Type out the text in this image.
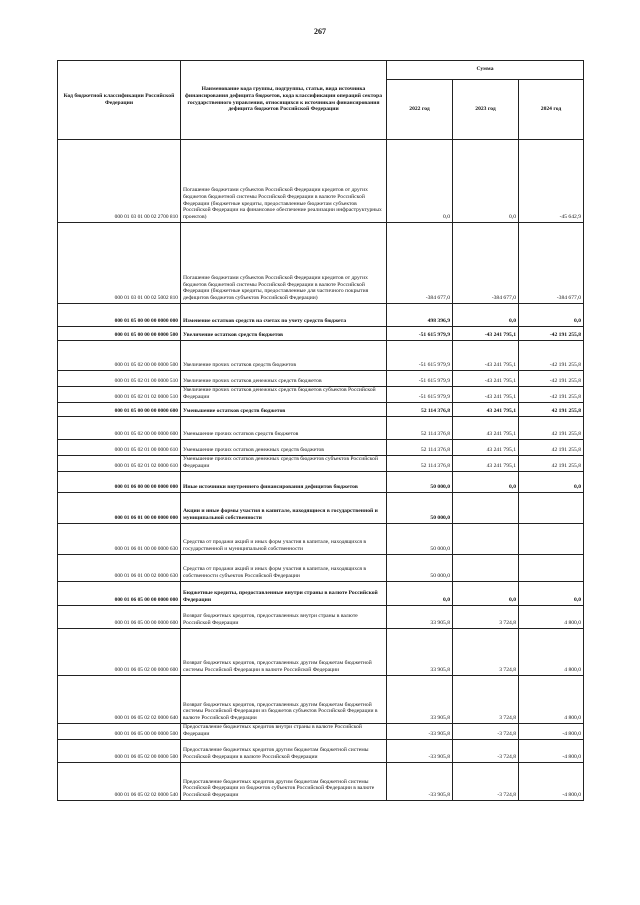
267
Код бюджетной классификации Российской Федерации	Наименование кода группы, подгруппы, статьи, вида источника финансирования дефицита бюджетов, кода классификации операций сектора государственного управления, относящихся к источникам финансирования дефицита бюджетов Российской Федерации	Сумма		
		2022 год	2023 год	2024 год
000 01 03 01 00 02 2700 810	Погашение бюджетами субъектов Российской Федерации кредитов от других бюджетов бюджетной системы Российской Федерации в валюте Российской Федерации (бюджетные кредиты, предоставленные бюджетам субъектов Российской Федерации на финансовое обеспечение реализации инфраструктурных проектов)	0,0	0,0	-45 642,9
000 01 03 01 00 02 5002 810	Погашение бюджетами субъектов Российской Федерации кредитов от других бюджетов бюджетной системы Российской Федерации в валюте Российской Федерации (бюджетные кредиты, предоставленные для частичного покрытия дефицитов бюджетов субъектов Российской Федерации)	-384 677,0	-384 677,0	-384 677,0
000 01 05 00 00 00 0000 000	Изменение остатков средств на счетах по учету средств бюджета	498 396,9	0,0	0,0
000 01 05 00 00 00 0000 500	Увеличение остатков средств бюджетов	-51 615 979,9	-43 241 795,1	-42 191 255,8
000 01 05 02 00 00 0000 500	Увеличение прочих остатков средств бюджетов	-51 615 979,9	-43 241 795,1	-42 191 255,8
000 01 05 02 01 00 0000 510	Увеличение прочих остатков денежных средств бюджетов	-51 615 979,9	-43 241 795,1	-42 191 255,8
000 01 05 02 01 02 0000 510	Увеличение прочих остатков денежных средств бюджетов субъектов Российской Федерации	-51 615 979,9	-43 241 795,1	-42 191 255,8
000 01 05 00 00 00 0000 600	Уменьшение остатков средств бюджетов	52 114 376,8	43 241 795,1	42 191 255,8
000 01 05 02 00 00 0000 600	Уменьшение прочих остатков средств бюджетов	52 114 376,8	43 241 795,1	42 191 255,8
000 01 05 02 01 00 0000 610	Уменьшение прочих остатков денежных средств бюджетов	52 114 376,8	43 241 795,1	42 191 255,8
000 01 05 02 01 02 0000 610	Уменьшение прочих остатков денежных средств бюджетов субъектов Российской Федерации	52 114 376,8	43 241 795,1	42 191 255,8
000 01 06 00 00 00 0000 000	Иные источники внутреннего финансирования дефицитов бюджетов	50 000,0	0,0	0,0
000 01 06 01 00 00 0000 000	Акции и иные формы участия в капитале, находящиеся в государственной и муниципальной собственности	50 000,0		
000 01 06 01 00 00 0000 630	Средства от продажи акций и иных форм участия в капитале, находящихся в государственной и муниципальной собственности	50 000,0		
000 01 06 01 00 02 0000 630	Средства от продажи акций и иных форм участия в капитале, находящихся в собственности субъектов Российской Федерации	50 000,0		
000 01 06 05 00 00 0000 000	Бюджетные кредиты, предоставленные внутри страны в валюте Российской Федерации	0,0	0,0	0,0
000 01 06 05 00 00 0000 600	Возврат бюджетных кредитов, предоставленных внутри страны в валюте Российской Федерации	33 905,8	3 724,8	4 800,0
000 01 06 05 02 00 0000 600	Возврат бюджетных кредитов, предоставленных другим бюджетам бюджетной системы Российской Федерации в валюте Российской Федерации	33 905,8	3 724,8	4 800,0
000 01 06 05 02 02 0000 640	Возврат бюджетных кредитов, предоставленных другим бюджетам бюджетной системы Российской Федерации из бюджетов субъектов Российской Федерации в валюте Российской Федерации	33 905,8	3 724,8	4 800,0
000 01 06 05 00 00 0000 500	Предоставление бюджетных кредитов внутри страны в валюте Российской Федерации	-33 905,8	-3 724,8	-4 800,0
000 01 06 05 02 00 0000 500	Предоставление бюджетных кредитов другим бюджетам бюджетной системы Российской Федерации в валюте Российской Федерации	-33 905,8	-3 724,8	-4 800,0
000 01 06 05 02 02 0000 540	Предоставление бюджетных кредитов другим бюджетам бюджетной системы Российской Федерации из бюджетов субъектов Российской Федерации в валюте Российской Федерации	-33 905,8	-3 724,8	-4 800,0
